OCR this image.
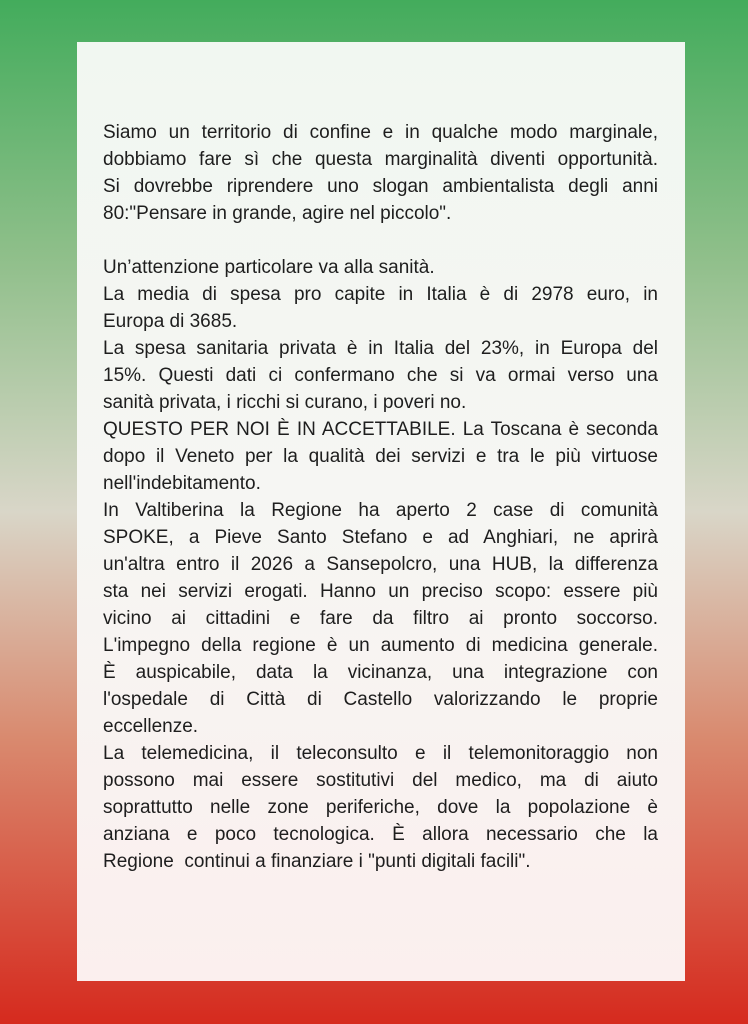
Siamo un territorio di confine e in qualche modo marginale,
dobbiamo fare sì che questa marginalità diventi opportunità.
Si dovrebbe riprendere uno slogan ambientalista degli anni
80:"Pensare in grande, agire nel piccolo".
Un’attenzione particolare va alla sanità.
La media di spesa pro capite in Italia è di 2978 euro, in
Europa di 3685.
La spesa sanitaria privata è in Italia del 23%, in Europa del
15%. Questi dati ci confermano che si va ormai verso una
sanità privata, i ricchi si curano, i poveri no.
QUESTO PER NOI È IN ACCETTABILE. La Toscana è seconda
dopo il Veneto per la qualità dei servizi e tra le più virtuose
nell'indebitamento.
In Valtiberina la Regione ha aperto 2 case di comunità
SPOKE, a Pieve Santo Stefano e ad Anghiari, ne aprirà
un'altra entro il 2026 a Sansepolcro, una HUB, la differenza
sta nei servizi erogati. Hanno un preciso scopo: essere più
vicino ai cittadini e fare da filtro ai pronto soccorso.
L'impegno della regione è un aumento di medicina generale.
È auspicabile, data la vicinanza, una integrazione con
l'ospedale di Città di Castello valorizzando le proprie
eccellenze.
La telemedicina, il teleconsulto e il telemonitoraggio non
possono mai essere sostitutivi del medico, ma di aiuto
soprattutto nelle zone periferiche, dove la popolazione è
anziana e poco tecnologica. È allora necessario che la
Regione  continui a finanziare i "punti digitali facili".
